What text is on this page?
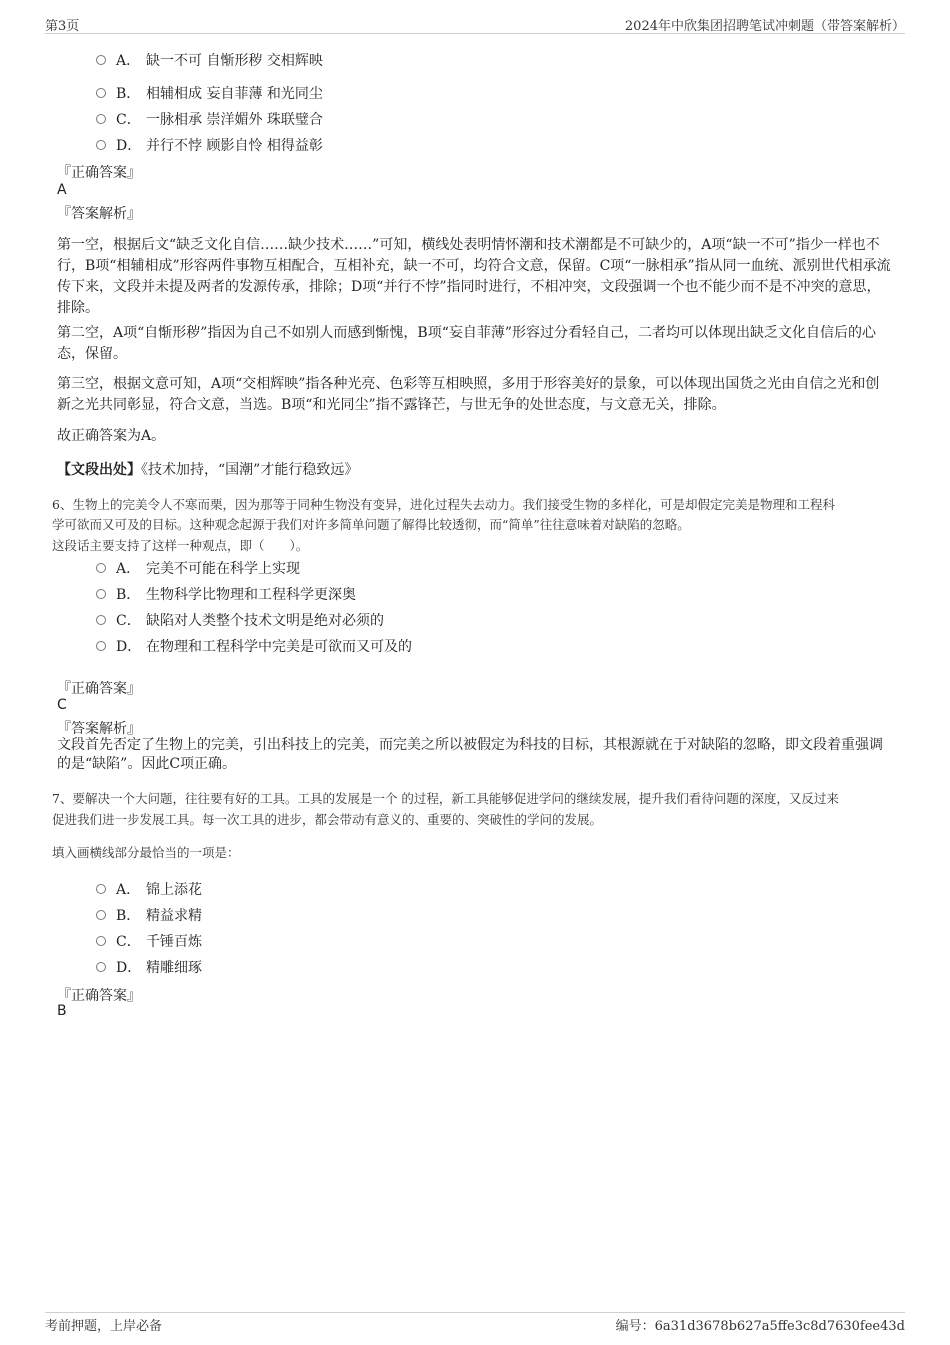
第3页	2024年中欣集团招聘笔试冲刺题（带答案解析）
A． 缺一不可 自惭形秽 交相辉映
B． 相辅相成 妄自菲薄 和光同尘
C． 一脉相承 崇洋媚外 珠联璧合
D． 并行不悖 顾影自怜 相得益彰
『正确答案』
A
『答案解析』
第一空，根据后文“缺乏文化自信……缺少技术……”可知，横线处表明情怀潮和技术潮都是不可缺少的，A项“缺一不可”指少一样也不行，B项“相辅相成”形容两件事物互相配合，互相补充，缺一不可，均符合文意，保留。C项“一脉相承”指从同一血统、派别世代相承流传下来，文段并未提及两者的发源传承，排除；D项“并行不悖”指同时进行，不相冲突，文段强调一个也不能少而不是不冲突的意思，排除。
第二空，A项“自惭形秽”指因为自己不如别人而感到惭愧，B项“妄自菲薄”形容过分看轻自己，二者均可以体现出缺乏文化自信后的心态，保留。
第三空，根据文意可知，A项“交相辉映”指各种光亮、色彩等互相映照，多用于形容美好的景象，可以体现出国货之光由自信之光和创新之光共同彰显，符合文意，当选。B项“和光同尘”指不露锋芒，与世无争的处世态度，与文意无关，排除。
故正确答案为A。
【文段出处】《技术加持，“国潮”才能行稳致远》
6、生物上的完美令人不寒而栗，因为那等于同种生物没有变异，进化过程失去动力。我们接受生物的多样化，可是却假定完美是物理和工程科
学可欲而又可及的目标。这种观念起源于我们对许多简单问题了解得比较透彻，而“简单”往往意味着对缺陷的忽略。
这段话主要支持了这样一种观点，即（　　）。
A． 完美不可能在科学上实现
B． 生物科学比物理和工程科学更深奥
C． 缺陷对人类整个技术文明是绝对必须的
D． 在物理和工程科学中完美是可欲而又可及的
『正确答案』
C
『答案解析』
文段首先否定了生物上的完美，引出科技上的完美，而完美之所以被假定为科技的目标，其根源就在于对缺陷的忽略，即文段着重强调的是“缺陷”。因此C项正确。
7、要解决一个大问题，往往要有好的工具。工具的发展是一个 的过程，新工具能够促进学问的继续发展，提升我们看待问题的深度，又反过来
促进我们进一步发展工具。每一次工具的进步，都会带动有意义的、重要的、突破性的学问的发展。
填入画横线部分最恰当的一项是：
A． 锦上添花
B． 精益求精
C． 千锤百炼
D． 精雕细琢
『正确答案』
B
考前押题，上岸必备	编号：6a31d3678b627a5ffe3c8d7630fee43d
